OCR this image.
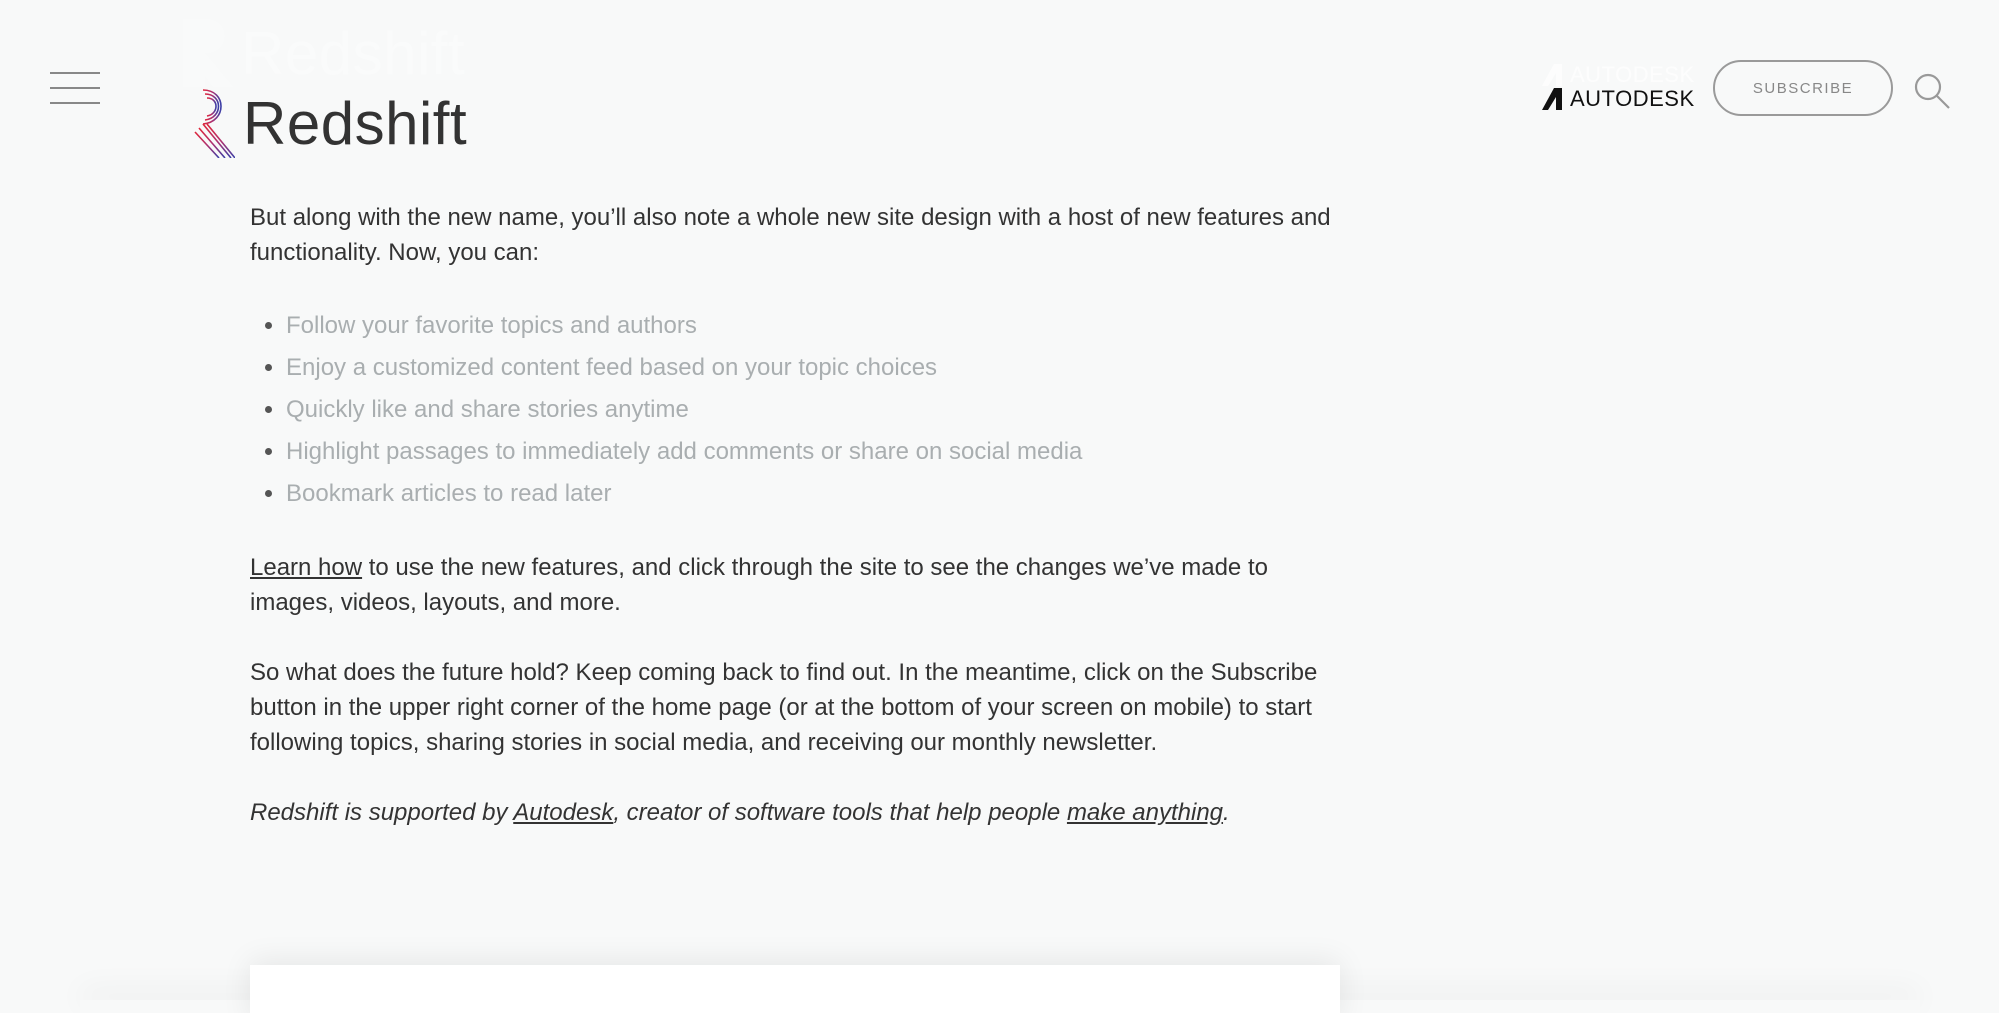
Redshift
Redshift
AUTODESK
AUTODESK	SUBSCRIBE

But along with the new name, you’ll also note a whole new site design with a host of new features and functionality. Now, you can:

• Follow your favorite topics and authors
• Enjoy a customized content feed based on your topic choices
• Quickly like and share stories anytime
• Highlight passages to immediately add comments or share on social media
• Bookmark articles to read later

Learn how to use the new features, and click through the site to see the changes we’ve made to images, videos, layouts, and more.

So what does the future hold? Keep coming back to find out. In the meantime, click on the Subscribe button in the upper right corner of the home page (or at the bottom of your screen on mobile) to start following topics, sharing stories in social media, and receiving our monthly newsletter.

Redshift is supported by Autodesk, creator of software tools that help people make anything.
